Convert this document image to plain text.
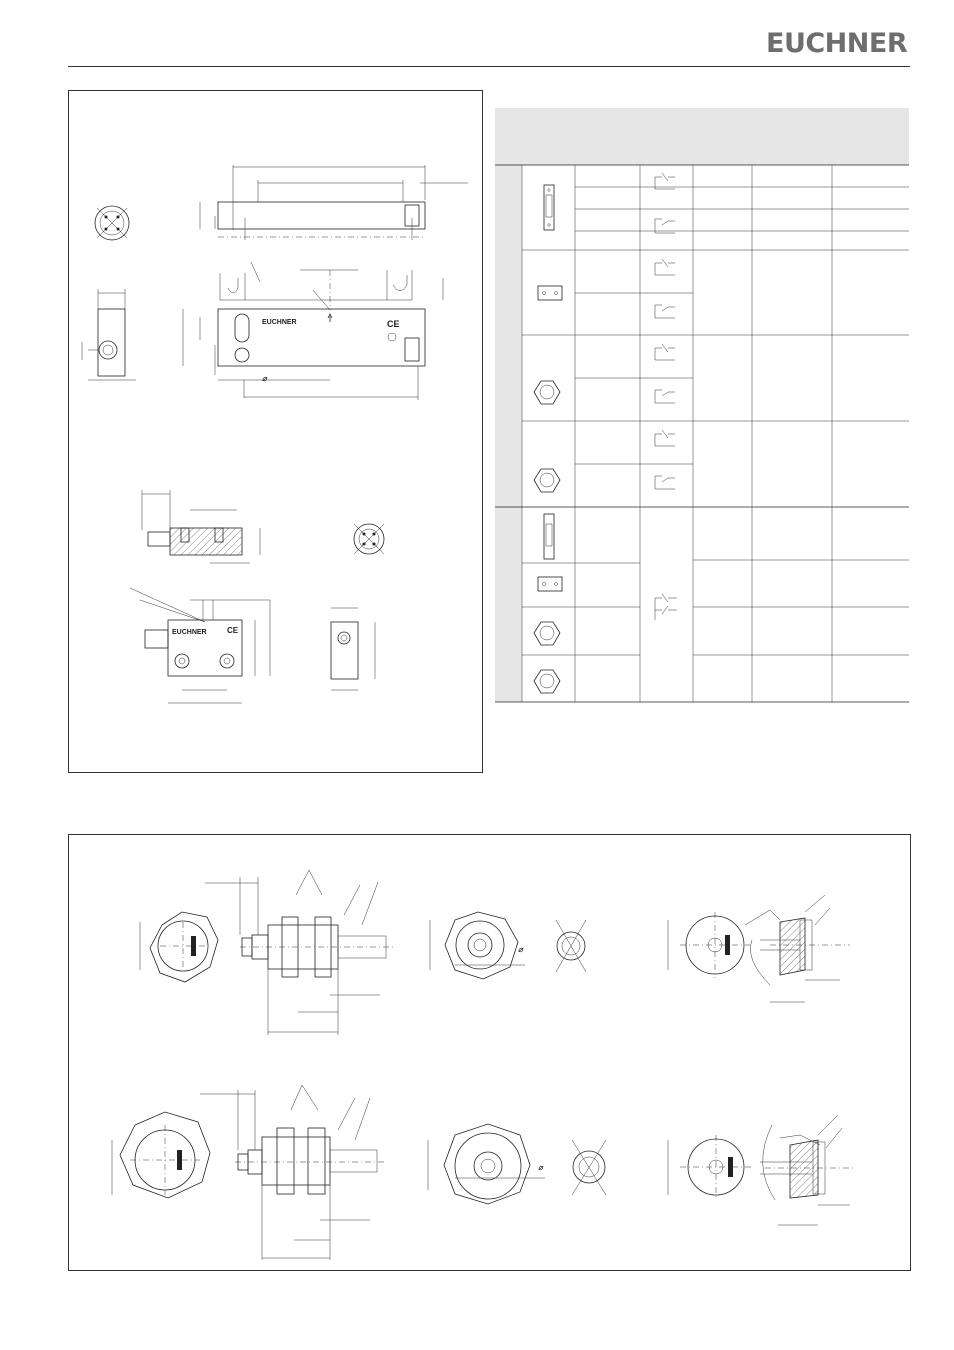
EUCHNER
EUCHNER	CE
⌀
EUCHNER	CE
⌀
⌀
